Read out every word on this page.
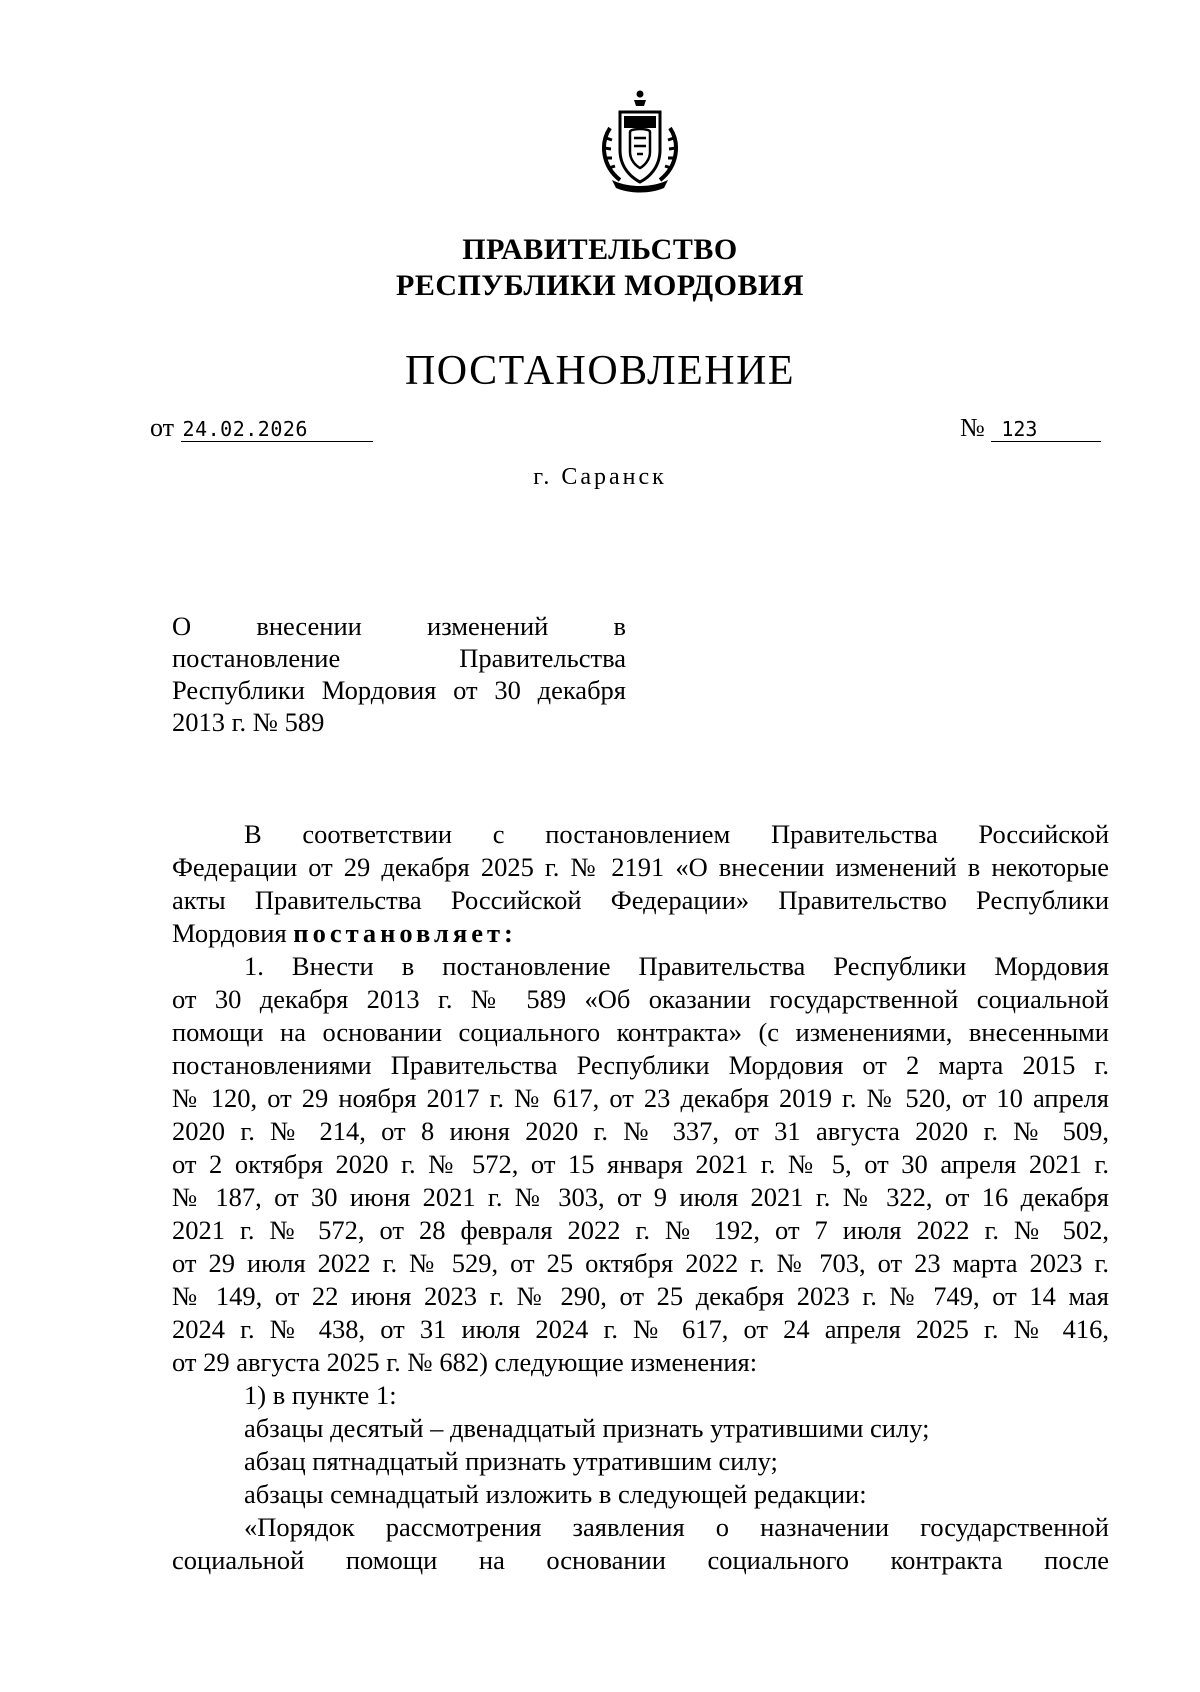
ПРАВИТЕЛЬСТВО
РЕСПУБЛИКИ МОРДОВИЯ
ПОСТАНОВЛЕНИЕ
от 24.02.2026	№ 123
г. Саранск
О внесении изменений в
постановление Правительства
Республики Мордовия от 30 декабря
2013 г. № 589
В соответствии с постановлением Правительства Российской
Федерации от 29 декабря 2025 г. № 2191 «О внесении изменений в некоторые
акты Правительства Российской Федерации» Правительство Республики
Мордовия постановляет:
1. Внести в постановление Правительства Республики Мордовия
от 30 декабря 2013 г. № 589 «Об оказании государственной социальной
помощи на основании социального контракта» (с изменениями, внесенными
постановлениями Правительства Республики Мордовия от 2 марта 2015 г.
№ 120, от 29 ноября 2017 г. № 617, от 23 декабря 2019 г. № 520, от 10 апреля
2020 г. № 214, от 8 июня 2020 г. № 337, от 31 августа 2020 г. № 509,
от 2 октября 2020 г. № 572, от 15 января 2021 г. № 5, от 30 апреля 2021 г.
№ 187, от 30 июня 2021 г. № 303, от 9 июля 2021 г. № 322, от 16 декабря
2021 г. № 572, от 28 февраля 2022 г. № 192, от 7 июля 2022 г. № 502,
от 29 июля 2022 г. № 529, от 25 октября 2022 г. № 703, от 23 марта 2023 г.
№ 149, от 22 июня 2023 г. № 290, от 25 декабря 2023 г. № 749, от 14 мая
2024 г. № 438, от 31 июля 2024 г. № 617, от 24 апреля 2025 г. № 416,
от 29 августа 2025 г. № 682) следующие изменения:
1) в пункте 1:
абзацы десятый – двенадцатый признать утратившими силу;
абзац пятнадцатый признать утратившим силу;
абзацы семнадцатый изложить в следующей редакции:
«Порядок рассмотрения заявления о назначении государственной
социальной помощи на основании социального контракта после
